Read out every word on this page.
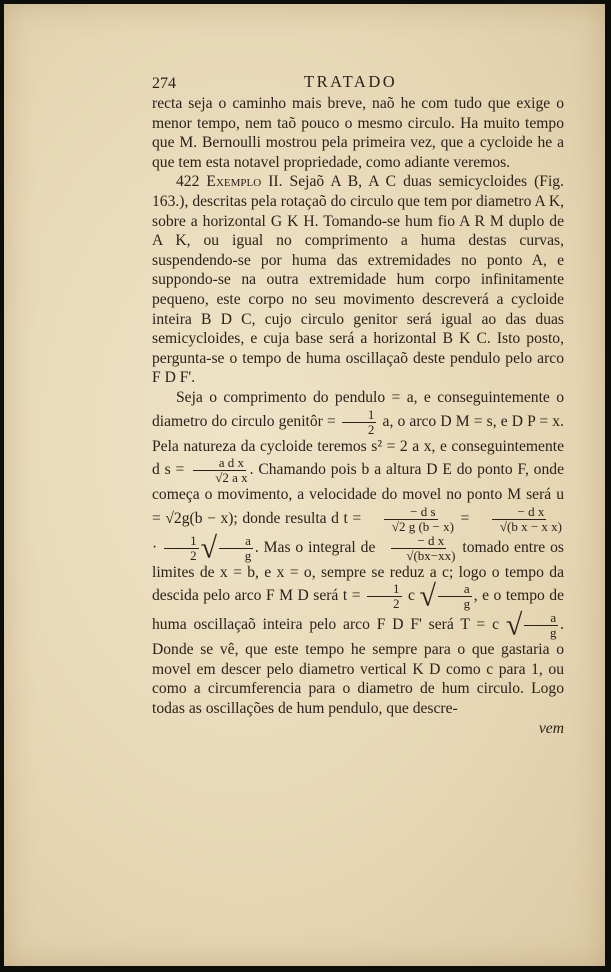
274	TRATADO

recta seja o caminho mais breve, naõ he com tudo que exige o menor tempo, nem taõ pouco o mesmo circulo. Ha muito tempo que M. Bernoulli mostrou pela primeira vez, que a cycloide he a que tem esta notavel propriedade, como adiante veremos.

422 Exemplo II. Sejaõ A B, A C duas semicycloides (Fig. 163.), descritas pela rotaçaõ do circulo que tem por diametro A K, sobre a horizontal G K H. Tomando-se hum fio A R M duplo de A K, ou igual no comprimento a huma destas curvas, suspendendo-se por huma das extremidades no ponto A, e suppondo-se na outra extremidade hum corpo infinitamente pequeno, este corpo no seu movimento descreverá a cycloide inteira B D C, cujo circulo genitor será igual ao das duas semicycloides, e cuja base será a horizontal B K C. Isto posto, pergunta-se o tempo de huma oscillaçaõ deste pendulo pelo arco F D F'.

Seja o comprimento do pendulo = a, e conseguintemente o diametro do circulo genitôr = $\frac{1}{2} a$, o arco D M = s, e D P = x. Pela natureza da cycloide teremos s² = 2 a x, e conseguintemente d $s = \frac{\text{a d x}}{\text{√2 a x}}$ . Chamando pois b a altura D E do ponto F, onde começa o movimento, a velocidade do movel no ponto M será u = √2g(b − x); donde resulta d $t = \frac{\text{− d s}}{√2 g (b - x)} = \frac{\text{− d x}}{\text{√(b x − x x)}}$
· $\frac{1}{2}$ √ $\frac{a}{g}$ . Mas o integral de $\frac{\text{− d x}}{√(bx-xx)}$ tomado entre os limites de x = b, e x = o, sempre se reduz a c; logo o tempo da descida pelo arco F M D será $t = \frac{1}{2}$ c √ $\frac{a}{g}$ , e o tempo de huma oscillaçaõ inteira pelo arco F D F' será T = c √ $\frac{a}{g}$ . Donde se vê, que este tempo he sempre para o que gastaria o movel em descer pelo diametro vertical K D como c para 1, ou como a circumferencia para o diametro de hum circulo. Logo todas as oscillações de hum pendulo, que descre-

vem
